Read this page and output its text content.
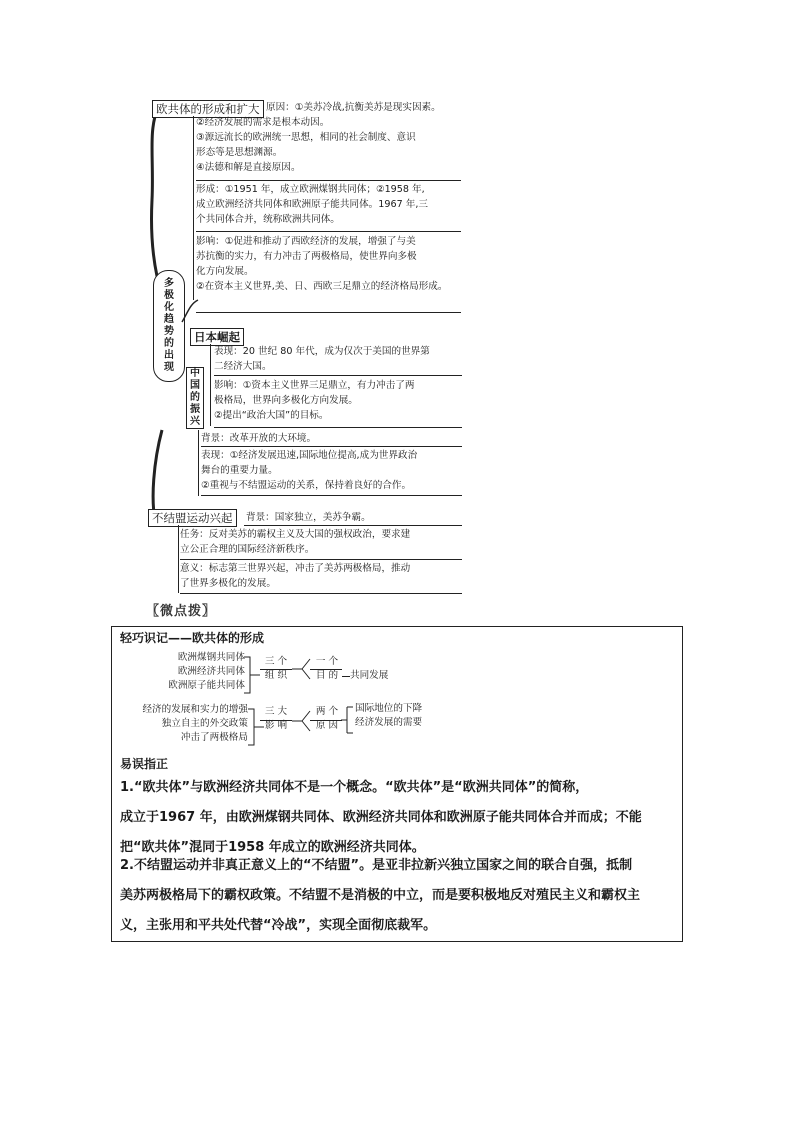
多
极
化
趋
势
的
出
现
欧共体的形成和扩大 原因：①美苏冷战,抗衡美苏是现实因素。
②经济发展的需求是根本动因。
③源远流长的欧洲统一思想，相同的社会制度、意识
形态等是思想渊源。
④法德和解是直接原因。
形成：①1951 年，成立欧洲煤钢共同体；②1958 年,
成立欧洲经济共同体和欧洲原子能共同体。1967 年,三
个共同体合并，统称欧洲共同体。
影响：①促进和推动了西欧经济的发展，增强了与美
苏抗衡的实力，有力冲击了两极格局，使世界向多极
化方向发展。
②在资本主义世界,美、日、西欧三足鼎立的经济格局形成。
日本崛起
表现：20 世纪 80 年代，成为仅次于美国的世界第
二经济大国。
影响：①资本主义世界三足鼎立，有力冲击了两
极格局，世界向多极化方向发展。
②提出“政治大国”的目标。
中
国
的
振
兴
背景：改革开放的大环境。
表现：①经济发展迅速,国际地位提高,成为世界政治
舞台的重要力量。
②重视与不结盟运动的关系，保持着良好的合作。
不结盟运动兴起	背景：国家独立，美苏争霸。
任务：反对美苏的霸权主义及大国的强权政治，要求建
立公正合理的国际经济新秩序。
意义：标志第三世界兴起，冲击了美苏两极格局，推动
了世界多极化的发展。
〖微点拨〗
轻巧识记——欧共体的形成
欧洲煤钢共同体
欧洲经济共同体
欧洲原子能共同体
三 个
组 织
一 个
目 的	共同发展
经济的发展和实力的增强
独立自主的外交政策
冲击了两极格局
三 大
影 响
两 个
原 因
国际地位的下降
经济发展的需要
易误指正
1.“欧共体”与欧洲经济共同体不是一个概念。“欧共体”是“欧洲共同体”的简称，
成立于1967 年，由欧洲煤钢共同体、欧洲经济共同体和欧洲原子能共同体合并而成；不能
把“欧共体”混同于1958 年成立的欧洲经济共同体。
2.不结盟运动并非真正意义上的“不结盟”。是亚非拉新兴独立国家之间的联合自强，抵制
美苏两极格局下的霸权政策。不结盟不是消极的中立，而是要积极地反对殖民主义和霸权主
义，主张用和平共处代替“冷战”，实现全面彻底裁军。
